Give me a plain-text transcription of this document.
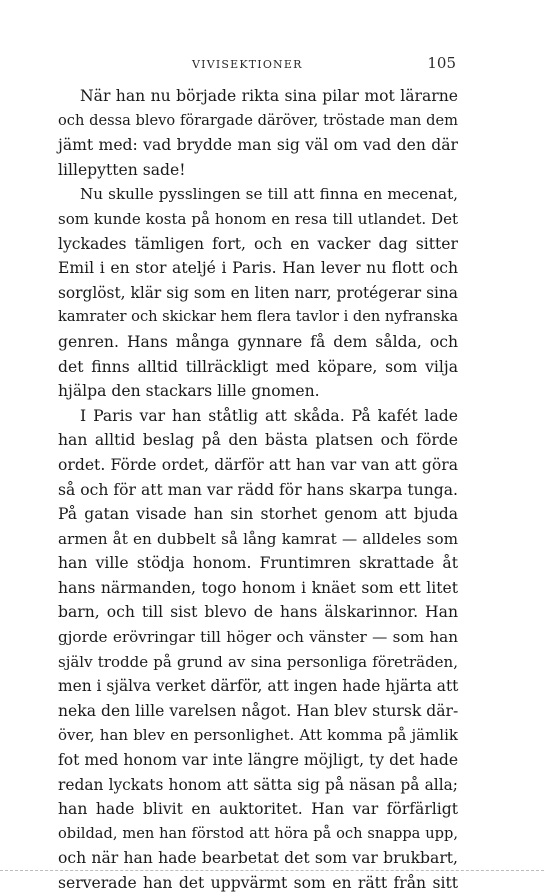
VIVISEKTIONER	105
När han nu började rikta sina pilar mot lärarne
och dessa blevo förargade däröver, tröstade man dem
jämt med: vad brydde man sig väl om vad den där
lillepytten sade!
Nu skulle pysslingen se till att finna en mecenat,
som kunde kosta på honom en resa till utlandet. Det
lyckades tämligen fort, och en vacker dag sitter
Emil i en stor ateljé i Paris. Han lever nu flott och
sorglöst, klär sig som en liten narr, protégerar sina
kamrater och skickar hem flera tavlor i den nyfranska
genren. Hans många gynnare få dem sålda, och
det finns alltid tillräckligt med köpare, som vilja
hjälpa den stackars lille gnomen.
I Paris var han ståtlig att skåda. På kafét lade
han alltid beslag på den bästa platsen och förde
ordet. Förde ordet, därför att han var van att göra
så och för att man var rädd för hans skarpa tunga.
På gatan visade han sin storhet genom att bjuda
armen åt en dubbelt så lång kamrat — alldeles som
han ville stödja honom. Fruntimren skrattade åt
hans närmanden, togo honom i knäet som ett litet
barn, och till sist blevo de hans älskarinnor. Han
gjorde erövringar till höger och vänster — som han
själv trodde på grund av sina personliga företräden,
men i själva verket därför, att ingen hade hjärta att
neka den lille varelsen något. Han blev stursk där-
över, han blev en personlighet. Att komma på jämlik
fot med honom var inte längre möjligt, ty det hade
redan lyckats honom att sätta sig på näsan på alla;
han hade blivit en auktoritet. Han var förfärligt
obildad, men han förstod att höra på och snappa upp,
och när han hade bearbetat det som var brukbart,
serverade han det uppvärmt som en rätt från sitt
